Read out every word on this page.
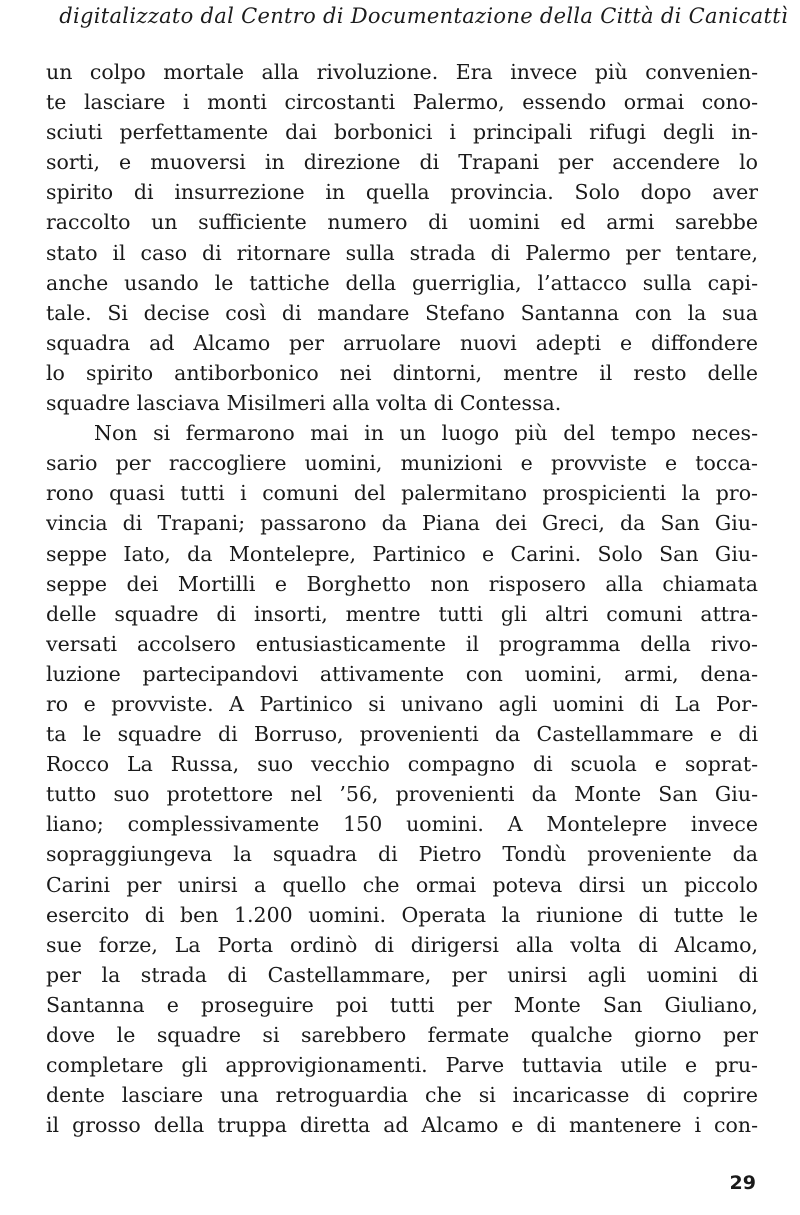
digitalizzato dal Centro di Documentazione della Città di Canicattì
un colpo mortale alla rivoluzione. Era invece più convenien-
te lasciare i monti circostanti Palermo, essendo ormai cono-
sciuti perfettamente dai borbonici i principali rifugi degli in-
sorti, e muoversi in direzione di Trapani per accendere lo
spirito di insurrezione in quella provincia. Solo dopo aver
raccolto un sufficiente numero di uomini ed armi sarebbe
stato il caso di ritornare sulla strada di Palermo per tentare,
anche usando le tattiche della guerriglia, l’attacco sulla capi-
tale. Si decise così di mandare Stefano Santanna con la sua
squadra ad Alcamo per arruolare nuovi adepti e diffondere
lo spirito antiborbonico nei dintorni, mentre il resto delle
squadre lasciava Misilmeri alla volta di Contessa.
Non si fermarono mai in un luogo più del tempo neces-
sario per raccogliere uomini, munizioni e provviste e tocca-
rono quasi tutti i comuni del palermitano prospicienti la pro-
vincia di Trapani; passarono da Piana dei Greci, da San Giu-
seppe Iato, da Montelepre, Partinico e Carini. Solo San Giu-
seppe dei Mortilli e Borghetto non risposero alla chiamata
delle squadre di insorti, mentre tutti gli altri comuni attra-
versati accolsero entusiasticamente il programma della rivo-
luzione partecipandovi attivamente con uomini, armi, dena-
ro e provviste. A Partinico si univano agli uomini di La Por-
ta le squadre di Borruso, provenienti da Castellammare e di
Rocco La Russa, suo vecchio compagno di scuola e soprat-
tutto suo protettore nel ’56, provenienti da Monte San Giu-
liano; complessivamente 150 uomini. A Montelepre invece
sopraggiungeva la squadra di Pietro Tondù proveniente da
Carini per unirsi a quello che ormai poteva dirsi un piccolo
esercito di ben 1.200 uomini. Operata la riunione di tutte le
sue forze, La Porta ordinò di dirigersi alla volta di Alcamo,
per la strada di Castellammare, per unirsi agli uomini di
Santanna e proseguire poi tutti per Monte San Giuliano,
dove le squadre si sarebbero fermate qualche giorno per
completare gli approvigionamenti. Parve tuttavia utile e pru-
dente lasciare una retroguardia che si incaricasse di coprire
il grosso della truppa diretta ad Alcamo e di mantenere i con-
29
